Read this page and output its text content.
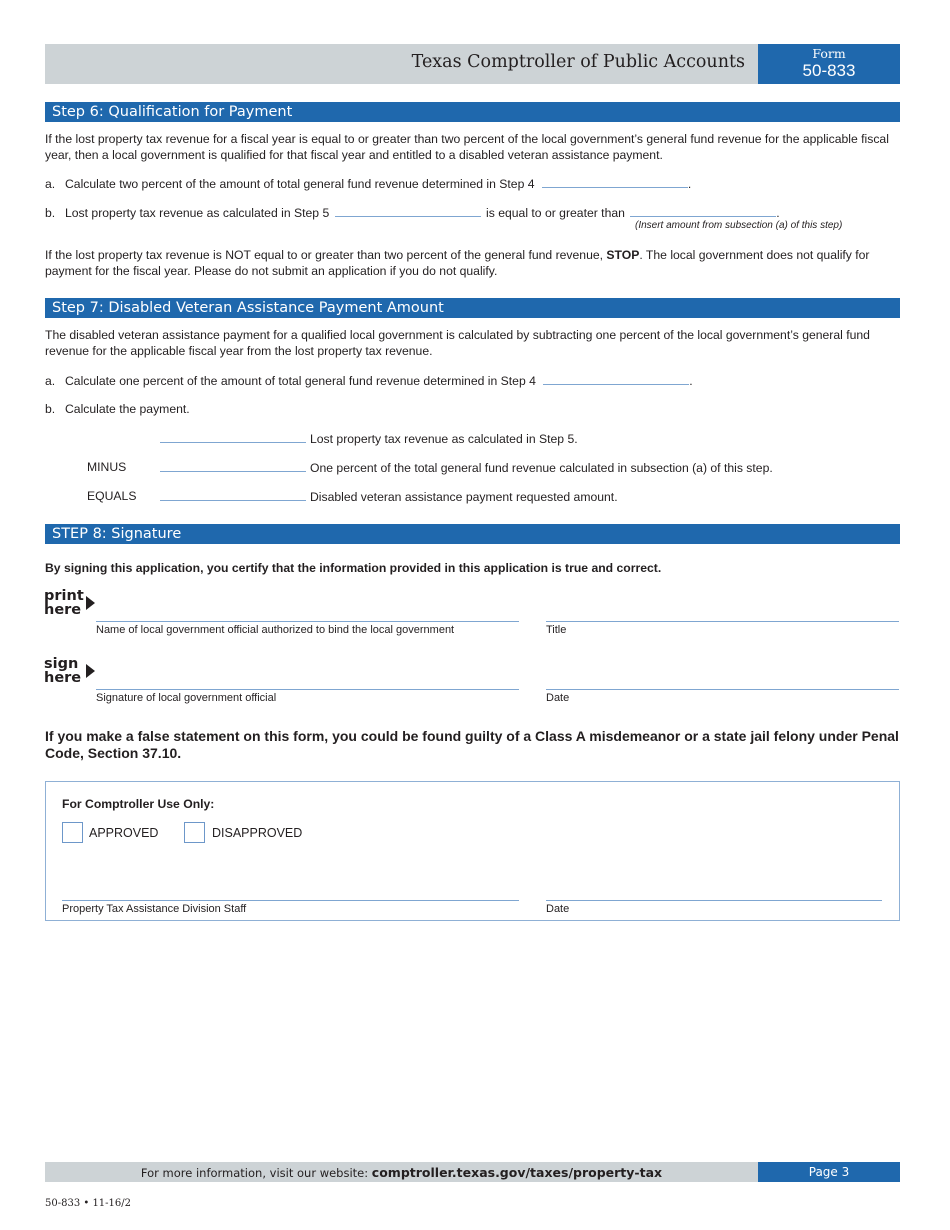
Texas Comptroller of Public Accounts	Form
50-833
Step 6: Qualification for Payment
If the lost property tax revenue for a fiscal year is equal to or greater than two percent of the local government’s general fund revenue for the applicable fiscal year, then a local government is qualified for that fiscal year and entitled to a disabled veteran assistance payment.
a. Calculate two percent of the amount of total general fund revenue determined in Step 4	.
b. Lost property tax revenue as calculated in Step 5	is equal to or greater than	.
(Insert amount from subsection (a) of this step)
If the lost property tax revenue is NOT equal to or greater than two percent of the general fund revenue, STOP. The local government does not qualify for payment for the fiscal year. Please do not submit an application if you do not qualify.
Step 7: Disabled Veteran Assistance Payment Amount
The disabled veteran assistance payment for a qualified local government is calculated by subtracting one percent of the local government’s general fund revenue for the applicable fiscal year from the lost property tax revenue.
a. Calculate one percent of the amount of total general fund revenue determined in Step 4	.
b. Calculate the payment.
Lost property tax revenue as calculated in Step 5.
MINUS	One percent of the total general fund revenue calculated in subsection (a) of this step.
EQUALS	Disabled veteran assistance payment requested amount.
STEP 8: Signature
By signing this application, you certify that the information provided in this application is true and correct.
print
here
Name of local government official authorized to bind the local government	Title
sign
here
Signature of local government official	Date
If you make a false statement on this form, you could be found guilty of a Class A misdemeanor or a state jail felony under Penal Code, Section 37.10.
For Comptroller Use Only:
APPROVED	DISAPPROVED
Property Tax Assistance Division Staff	Date
For more information, visit our website: comptroller.texas.gov/taxes/property-tax	Page 3
50-833 • 11-16/2
